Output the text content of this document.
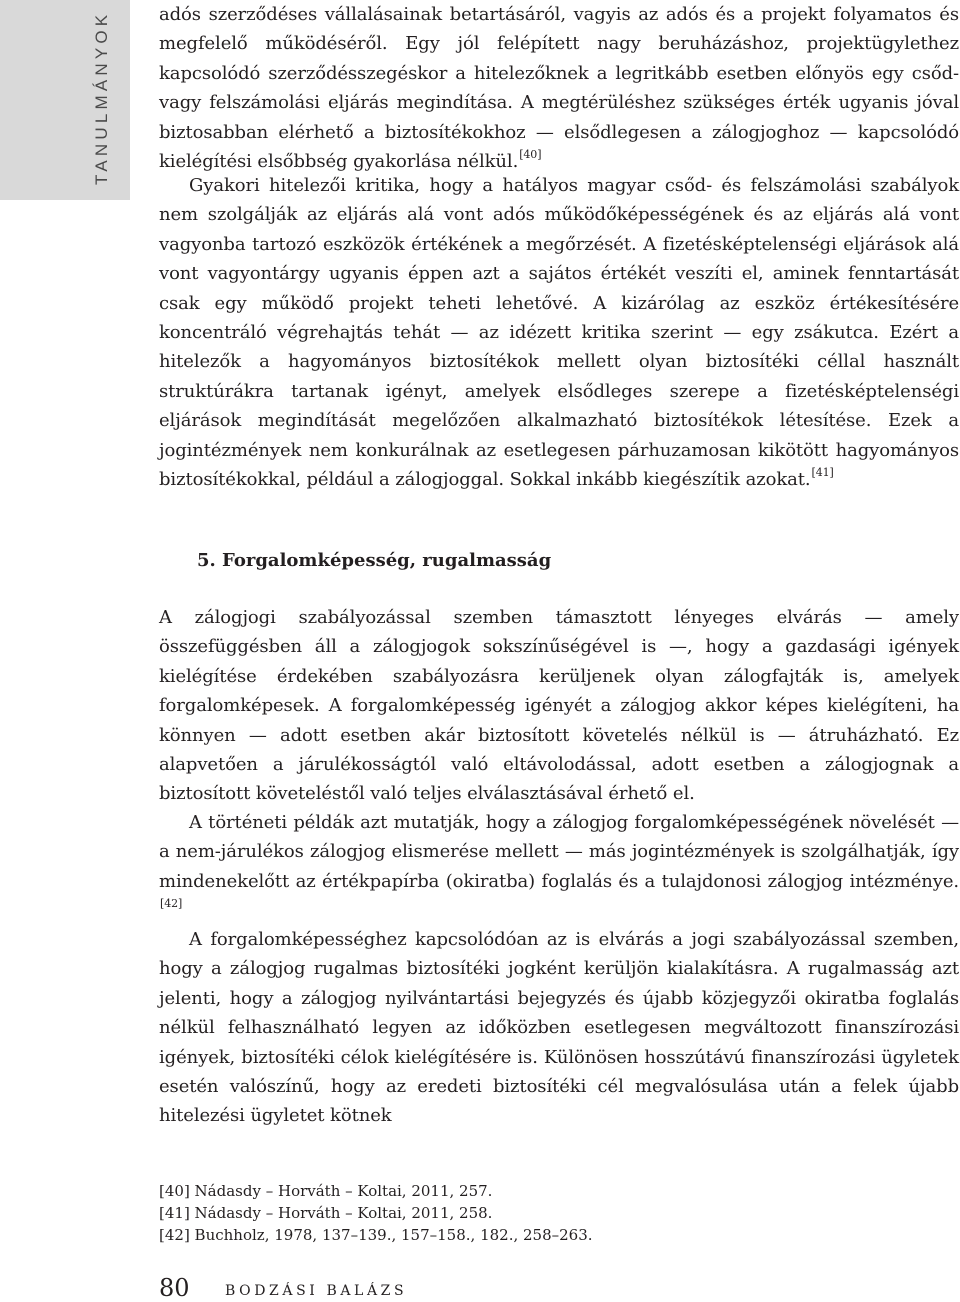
TANULMÁNYOK	adós szerződéses vállalásainak betartásáról, vagyis az adós és a projekt folyamatos és megfelelő működéséről. Egy jól felépített nagy beruházáshoz, projektügylethez kapcsolódó szerződésszegéskor a hitelezőknek a legritkább esetben előnyös egy csőd- vagy felszámolási eljárás megindítása. A megtérüléshez szükséges érték ugyanis jóval biztosabban elérhető a biztosítékokhoz — elsődlegesen a zálogjoghoz — kapcsolódó kielégítési elsőbbség gyakorlása nélkül.[40]

Gyakori hitelezői kritika, hogy a hatályos magyar csőd- és felszámolási szabályok nem szolgálják az eljárás alá vont adós működőképességének és az eljárás alá vont vagyonba tartozó eszközök értékének a megőrzését. A fizetésképtelenségi eljárások alá vont vagyontárgy ugyanis éppen azt a sajátos értékét veszíti el, aminek fenntartását csak egy működő projekt teheti lehetővé. A kizárólag az eszköz értékesítésére koncentráló végrehajtás tehát — az idézett kritika szerint — egy zsákutca. Ezért a hitelezők a hagyományos biztosítékok mellett olyan biztosítéki céllal használt struktúrákra tartanak igényt, amelyek elsődleges szerepe a fizetésképtelenségi eljárások megindítását megelőzően alkalmazható biztosítékok létesítése. Ezek a jogintézmények nem konkurálnak az esetlegesen párhuzamosan kikötött hagyományos biztosítékokkal, például a zálogjoggal. Sokkal inkább kiegészítik azokat.[41]

5. Forgalomképesség, rugalmasság

A zálogjogi szabályozással szemben támasztott lényeges elvárás — amely összefüggésben áll a zálogjogok sokszínűségével is —, hogy a gazdasági igények kielégítése érdekében szabályozásra kerüljenek olyan zálogfajták is, amelyek forgalomképesek. A forgalomképesség igényét a zálogjog akkor képes kielégíteni, ha könnyen — adott esetben akár biztosított követelés nélkül is — átruházható. Ez alapvetően a járulékosságtól való eltávolodással, adott esetben a zálogjognak a biztosított követeléstől való teljes elválasztásával érhető el.

A történeti példák azt mutatják, hogy a zálogjog forgalomképességének növelését — a nem-járulékos zálogjog elismerése mellett — más jogintézmények is szolgálhatják, így mindenekelőtt az értékpapírba (okiratba) foglalás és a tulajdonosi zálogjog intézménye.[42]

A forgalomképességhez kapcsolódóan az is elvárás a jogi szabályozással szemben, hogy a zálogjog rugalmas biztosítéki jogként kerüljön kialakításra. A rugalmasság azt jelenti, hogy a zálogjog nyilvántartási bejegyzés és újabb közjegyzői okiratba foglalás nélkül felhasználható legyen az időközben esetlegesen megváltozott finanszírozási igények, biztosítéki célok kielégítésére is. Különösen hosszútávú finanszírozási ügyletek esetén valószínű, hogy az eredeti biztosítéki cél megvalósulása után a felek újabb hitelezési ügyletet kötnek

[40] Nádasdy – Horváth – Koltai, 2011, 257.

[41] Nádasdy – Horváth – Koltai, 2011, 258.

[42] Buchholz, 1978, 137–139., 157–158., 182., 258–263.

80	BODZÁSI BALÁZS
